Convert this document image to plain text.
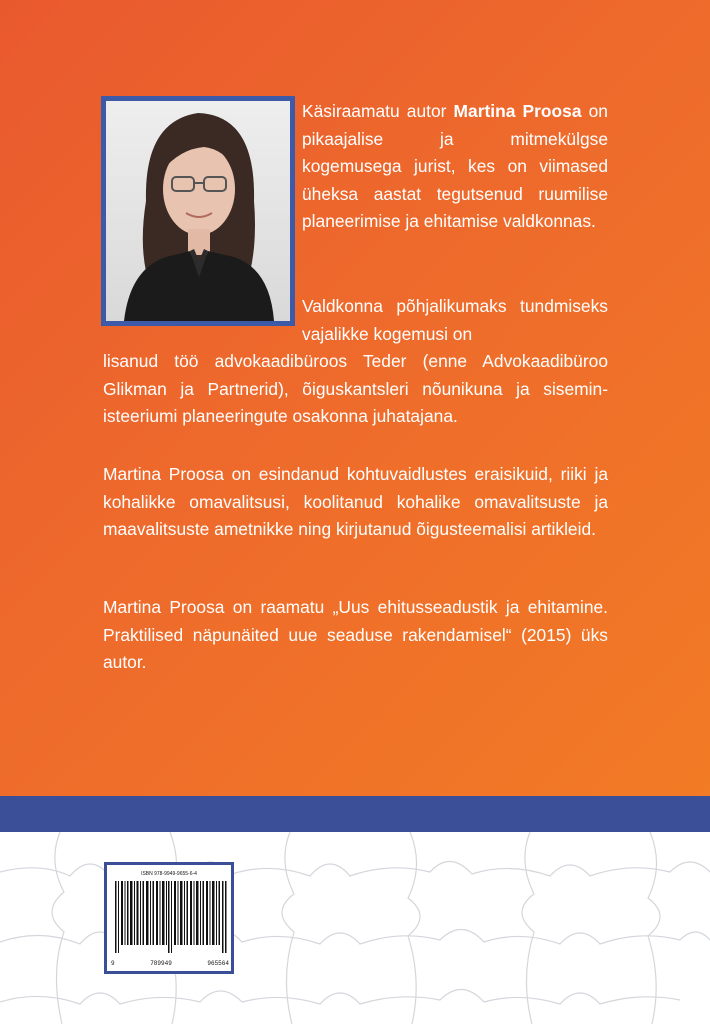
Käsiraamatu autor Martina Proosa on pikaajalise ja mitmekülgse kogemusega jurist, kes on viimased üheksa aastat tegutsenud ruumilise planeerimise ja ehitamise valdkonnas.

Valdkonna põhjalikumaks tundmiseks vajalikke kogemusi on

lisanud töö advokaadibüroos Teder (enne Advokaadibüroo Glikman ja Partnerid), õiguskantsleri nõunikuna ja siseministeeriumi planeeringute osakonna juhatajana.

Martina Proosa on esindanud kohtuvaidlustes eraisikuid, riiki ja kohalikke omavalitsusi, koolitanud kohalike omavalitsuste ja maavalitsuste ametnikke ning kirjutanud õigusteemalisi artikleid.

Martina Proosa on raamatu „Uus ehitusseadustik ja ehitamine. Praktilised näpunäited uue seaduse rakendamisel“ (2015) üks autor.

ISBN 978-9949-9655-6-4
9	789949	965564
